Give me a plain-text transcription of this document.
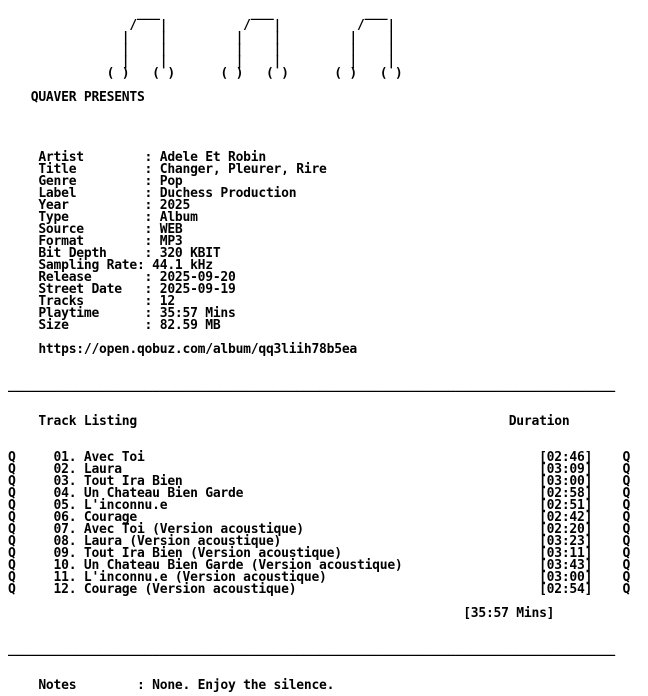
___            ___            ___
/   |          /   |          /   |
|    |         |    |         |    |
|    |         |    |         |    |
|    |         |    |         |    |
( )   ( )      ( )   ( )      ( )   ( )

QUAVER PRESENTS

Artist        : Adele Et Robin
Title         : Changer, Pleurer, Rire
Genre         : Pop
Label         : Duchess Production
Year          : 2025
Type          : Album
Source        : WEB
Format        : MP3
Bit Depth     : 320 KBIT
Sampling Rate: 44.1 kHz
Release       : 2025-09-20
Street Date   : 2025-09-19
Tracks        : 12
Playtime      : 35:57 Mins
Size          : 82.59 MB

https://open.qobuz.com/album/qq3liih78b5ea

________________________________________________________________________________

Track Listing                                                 Duration

Q     01. Avec Toi                                                    [02:46]    Q
Q     02. Laura                                                       [03:09]    Q
Q     03. Tout Ira Bien                                               [03:00]    Q
Q     04. Un Chateau Bien Garde                                       [02:58]    Q
Q     05. L'inconnu.e                                                 [02:51]    Q
Q     06. Courage                                                     [02:42]    Q
Q     07. Avec Toi (Version acoustique)                               [02:20]    Q
Q     08. Laura (Version acoustique)                                  [03:23]    Q
Q     09. Tout Ira Bien (Version acoustique)                          [03:11]    Q
Q     10. Un Chateau Bien Garde (Version acoustique)                  [03:43]    Q
Q     11. L'inconnu.e (Version acoustique)                            [03:00]    Q
Q     12. Courage (Version acoustique)                                [02:54]    Q

[35:57 Mins]

________________________________________________________________________________

Notes        : None. Enjoy the silence.
